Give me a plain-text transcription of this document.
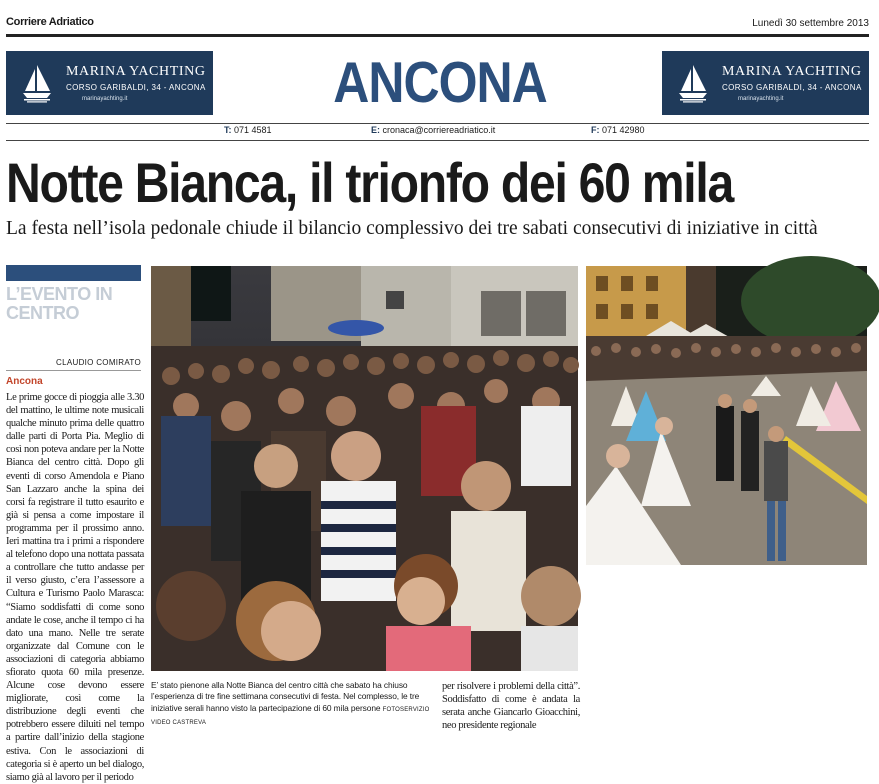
Corriere Adriatico	Lunedì 30 settembre 2013
MARINA YACHTING
CORSO GARIBALDI, 34 - ANCONA
marinayachting.it	ANCONA	MARINA YACHTING
CORSO GARIBALDI, 34 - ANCONA
marinayachting.it
T: 071 4581	E: cronaca@corriereadriatico.it	F: 071 42980
Notte Bianca, il trionfo dei 60 mila
La festa nell’isola pedonale chiude il bilancio complessivo dei tre sabati consecutivi di iniziative in città
L’EVENTO IN CENTRO
CLAUDIO COMIRATO
Ancona
Le prime gocce di pioggia alle 3.30 del mattino, le ultime note musicali qualche minuto prima delle quattro dalle parti di Porta Pia. Meglio di così non poteva andare per la Notte Bianca del centro città. Dopo gli eventi di corso Amendola e Piano San Lazzaro anche la spina dei corsi fa registrare il tutto esaurito e già si pensa a come impostare il programma per il prossimo anno. Ieri mattina tra i primi a rispondere al telefono dopo una nottata passata a controllare che tutto andasse per il verso giusto, c’era l’assessore a Cultura e Turismo Paolo Marasca: “Siamo soddisfatti di come sono andate le cose, anche il tempo ci ha dato una mano. Nelle tre serate organizzate dal Comune con le associazioni di categoria abbiamo sfiorato quota 60 mila presenze. Alcune cose devono essere migliorate, così come la distribuzione degli eventi che potrebbero essere diluiti nel tempo a partire dall’inizio della stagione estiva. Con le associazioni di categoria si è aperto un bel dialogo, siamo già al lavoro per il periodo
E’ stato pienone alla Notte Bianca del centro città che sabato ha chiuso l’esperienza di tre fine settimana consecutivi di festa. Nel complesso, le tre iniziative serali hanno visto la partecipazione di 60 mila persone FOTOSERVIZIO VIDEO CASTREVA
per risolvere i problemi della città”. Soddisfatto di come è andata la serata anche Giancarlo Gioacchini, neo presidente regionale
